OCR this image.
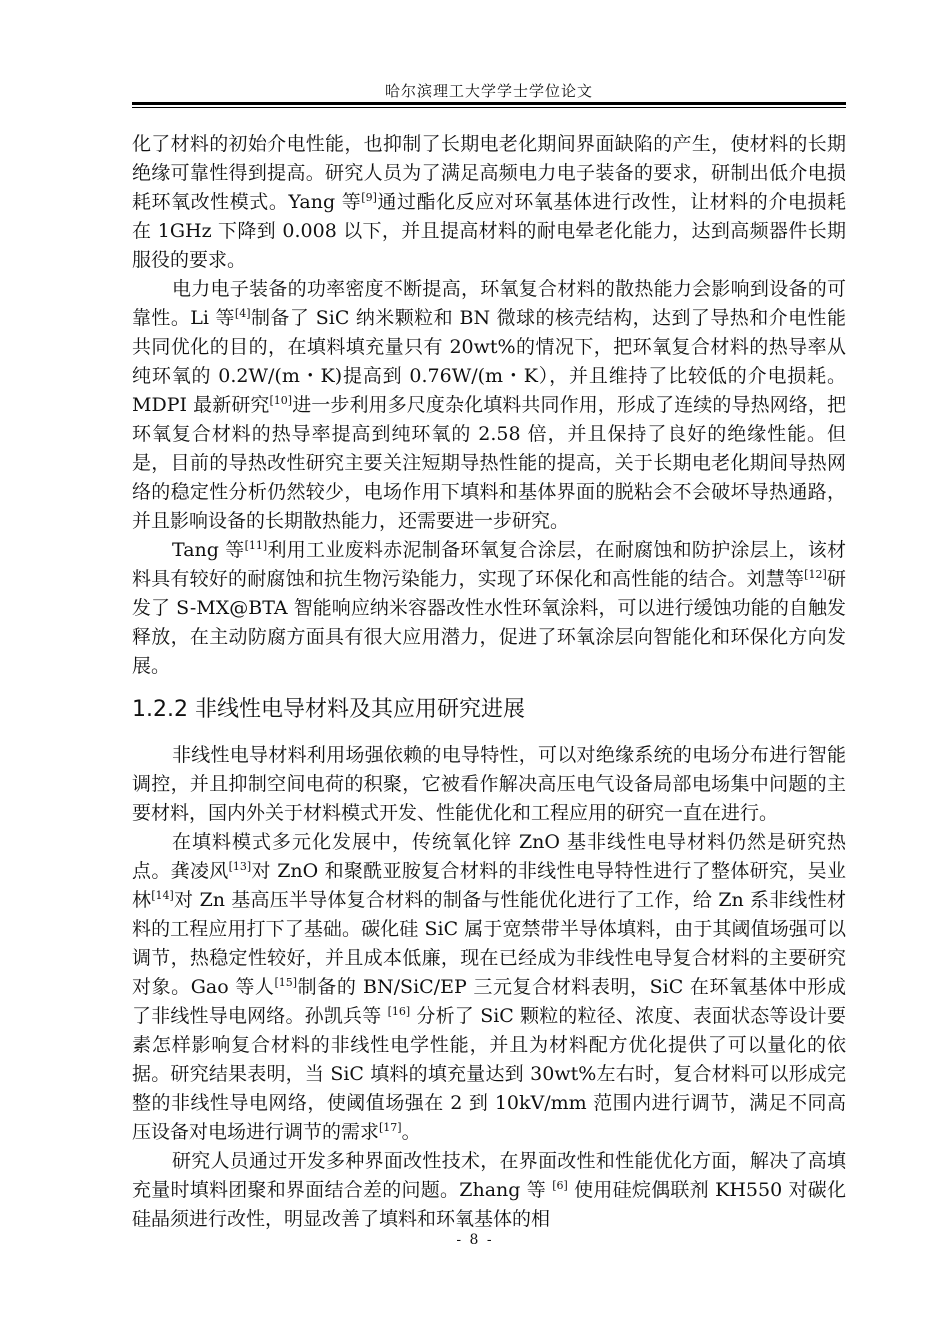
哈尔滨理工大学学士学位论文

化了材料的初始介电性能，也抑制了长期电老化期间界面缺陷的产生，使材料的长期绝缘可靠性得到提高。研究人员为了满足高频电力电子装备的要求，研制出低介电损耗环氧改性模式。Yang 等[9]通过酯化反应对环氧基体进行改性，让材料的介电损耗在 1GHz 下降到 0.008 以下，并且提高材料的耐电晕老化能力，达到高频器件长期服役的要求。

电力电子装备的功率密度不断提高，环氧复合材料的散热能力会影响到设备的可靠性。Li 等[4]制备了 SiC 纳米颗粒和 BN 微球的核壳结构，达到了导热和介电性能共同优化的目的，在填料填充量只有 20wt%的情况下，把环氧复合材料的热导率从纯环氧的 0.2W/(m・K)提高到 0.76W/(m・K），并且维持了比较低的介电损耗。MDPI 最新研究[10]进一步利用多尺度杂化填料共同作用，形成了连续的导热网络，把环氧复合材料的热导率提高到纯环氧的 2.58 倍，并且保持了良好的绝缘性能。但是，目前的导热改性研究主要关注短期导热性能的提高，关于长期电老化期间导热网络的稳定性分析仍然较少，电场作用下填料和基体界面的脱粘会不会破坏导热通路，并且影响设备的长期散热能力，还需要进一步研究。

Tang 等[11]利用工业废料赤泥制备环氧复合涂层，在耐腐蚀和防护涂层上，该材料具有较好的耐腐蚀和抗生物污染能力，实现了环保化和高性能的结合。刘慧等[12]研发了 S-MX@BTA 智能响应纳米容器改性水性环氧涂料，可以进行缓蚀功能的自触发释放，在主动防腐方面具有很大应用潜力，促进了环氧涂层向智能化和环保化方向发展。

1.2.2 非线性电导材料及其应用研究进展

非线性电导材料利用场强依赖的电导特性，可以对绝缘系统的电场分布进行智能调控，并且抑制空间电荷的积聚，它被看作解决高压电气设备局部电场集中问题的主要材料，国内外关于材料模式开发、性能优化和工程应用的研究一直在进行。

在填料模式多元化发展中，传统氧化锌 ZnO 基非线性电导材料仍然是研究热点。龚凌风[13]对 ZnO 和聚酰亚胺复合材料的非线性电导特性进行了整体研究，吴业林[14]对 Zn 基高压半导体复合材料的制备与性能优化进行了工作，给 Zn 系非线性材料的工程应用打下了基础。碳化硅 SiC 属于宽禁带半导体填料，由于其阈值场强可以调节，热稳定性较好，并且成本低廉，现在已经成为非线性电导复合材料的主要研究对象。Gao 等人[15]制备的 BN/SiC/EP 三元复合材料表明，SiC 在环氧基体中形成了非线性导电网络。孙凯兵等 [16] 分析了 SiC 颗粒的粒径、浓度、表面状态等设计要素怎样影响复合材料的非线性电学性能，并且为材料配方优化提供了可以量化的依据。研究结果表明，当 SiC 填料的填充量达到 30wt%左右时，复合材料可以形成完整的非线性导电网络，使阈值场强在 2 到 10kV/mm 范围内进行调节，满足不同高压设备对电场进行调节的需求[17]。

研究人员通过开发多种界面改性技术，在界面改性和性能优化方面，解决了高填充量时填料团聚和界面结合差的问题。Zhang 等 [6] 使用硅烷偶联剂 KH550 对碳化硅晶须进行改性，明显改善了填料和环氧基体的相

- 8 -
